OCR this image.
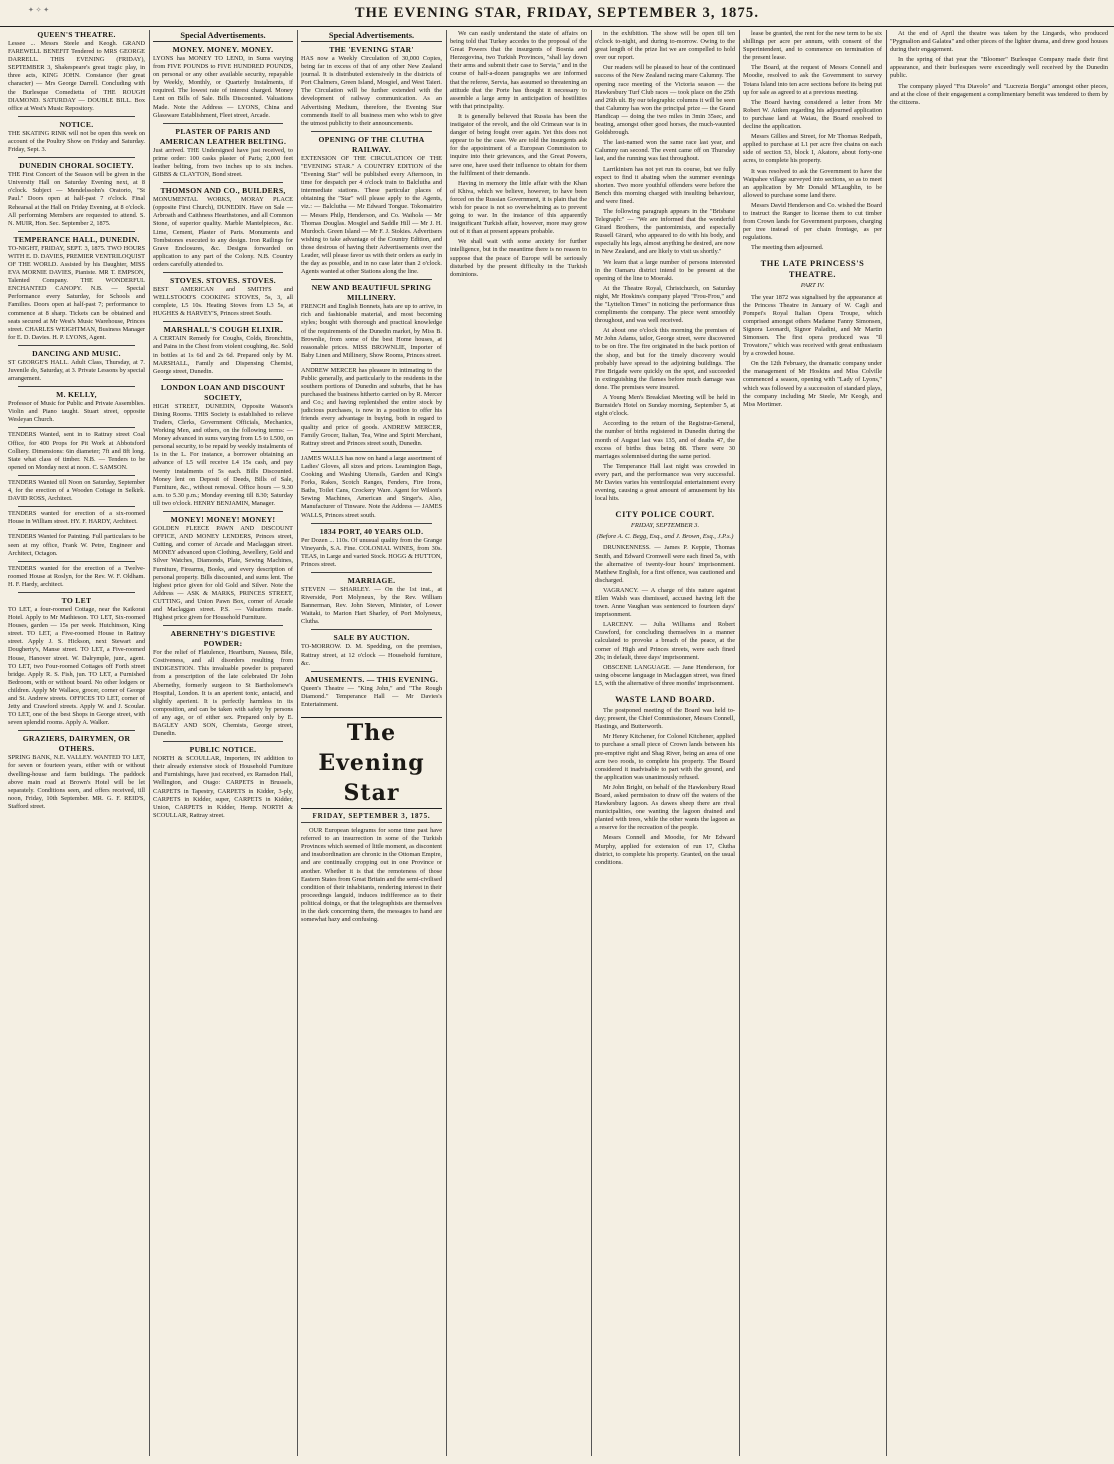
✦ ✧ ✦	THE EVENING STAR, FRIDAY, SEPTEMBER 3, 1875.
QUEEN'S THEATRE.

Lessee ... Messrs Steele and Keogh. GRAND FAREWELL BENEFIT Tendered to MRS GEORGE DARRELL. THIS EVENING (FRIDAY), SEPTEMBER 3, Shakespeare's great tragic play, in three acts, KING JOHN. Constance (her great character) — Mrs George Darrell. Concluding with the Burlesque Comedietta of THE ROUGH DIAMOND. SATURDAY — DOUBLE BILL. Box office at West's Music Repository.

NOTICE.

THE SKATING RINK will not be open this week on account of the Poultry Show on Friday and Saturday. Friday, Sept. 3.

DUNEDIN CHORAL SOCIETY.

THE First Concert of the Season will be given in the University Hall on Saturday Evening next, at 8 o'clock. Subject — Mendelssohn's Oratorio, "St Paul." Doors open at half-past 7 o'clock. Final Rehearsal at the Hall on Friday Evening, at 8 o'clock. All performing Members are requested to attend. S. N. MUIR, Hon. Sec. September 2, 1875.

TEMPERANCE HALL, DUNEDIN.

TO-NIGHT, FRIDAY, SEPT. 3, 1875. TWO HOURS WITH E. D. DAVIES, PREMIER VENTRILOQUIST OF THE WORLD. Assisted by his Daughter, MISS EVA MORNIE DAVIES, Pianiste. MR T. EMPSON, Talented Company. THE WONDERFUL ENCHANTED CANOPY. N.B. — Special Performance every Saturday, for Schools and Families. Doors open at half-past 7; performance to commence at 8 sharp. Tickets can be obtained and seats secured at Mr West's Music Warehouse, Princes street. CHARLES WEIGHTMAN, Business Manager for E. D. Davies. H. P. LYONS, Agent.

DANCING AND MUSIC.

ST GEORGE'S HALL. Adult Class, Thursday, at 7. Juvenile do, Saturday, at 3. Private Lessons by special arrangement.

M. KELLY,

Professor of Music for Public and Private Assemblies. Violin and Piano taught. Stuart street, opposite Wesleyan Church.

TENDERS Wanted, sent in to Rattray street Coal Office, for 400 Props for Pit Work at Abbotsford Colliery. Dimensions: 6in diameter; 7ft and 8ft long. State what class of timber. N.B. — Tenders to be opened on Monday next at noon. C. SAMSON.

TENDERS Wanted till Noon on Saturday, September 4, for the erection of a Wooden Cottage in Selkirk. DAVID ROSS, Architect.

TENDERS wanted for erection of a six-roomed House in William street. HY. F. HARDY, Architect.

TENDERS Wanted for Painting. Full particulars to be seen at my office, Frank W. Petre, Engineer and Architect, Octagon.

TENDERS wanted for the erection of a Twelve-roomed House at Roslyn, for the Rev. W. F. Oldham. H. F. Hardy, architect.

TO LET

TO LET, a four-roomed Cottage, near the Kaikorai Hotel. Apply to Mr Mathieson. TO LET, Six-roomed Houses, garden — 15s per week. Hutchinson, King street. TO LET, a Five-roomed House in Rattray street. Apply J. S. Hickson, next Stewart and Dougherty's, Manse street. TO LET, a Five-roomed House, Hanover street. W. Dalrymple, junr., agent. TO LET, two Four-roomed Cottages off Forth street bridge. Apply R. S. Fish, jun. TO LET, a Furnished Bedroom, with or without board. No other lodgers or children. Apply Mr Wallace, grocer, corner of George and St. Andrew streets. OFFICES TO LET, corner of Jetty and Crawford streets. Apply W. and J. Scoular. TO LET, one of the best Shops in George street, with seven splendid rooms. Apply A. Walker.

GRAZIERS, DAIRYMEN, OR OTHERS.

SPRING BANK, N.E. VALLEY. WANTED TO LET, for seven or fourteen years, either with or without dwelling-house and farm buildings. The paddock above main road at Brown's Hotel will be let separately. Conditions seen, and offers received, till noon, Friday, 10th September. MR. G. F. REID'S, Stafford street.

Special Advertisements.
MONEY. MONEY. MONEY.

LYONS has MONEY TO LEND, in Sums varying from FIVE POUNDS to FIVE HUNDRED POUNDS, on personal or any other available security, repayable by Weekly, Monthly, or Quarterly Instalments, if required. The lowest rate of interest charged. Money Lent on Bills of Sale. Bills Discounted. Valuations Made. Note the Address — LYONS, China and Glassware Establishment, Fleet street, Arcade.

PLASTER OF PARIS AND AMERICAN LEATHER BELTING.

Just arrived. THE Undersigned have just received, to prime order: 100 casks plaster of Paris; 2,000 feet leather belting, from two inches up to six inches. GIBBS & CLAYTON, Bond street.

THOMSON AND CO., BUILDERS,

MONUMENTAL WORKS, MORAY PLACE (opposite First Church), DUNEDIN. Have on Sale — Arbroath and Caithness Hearthstones, and all Common Stone, of superior quality. Marble Mantelpieces, &c. Lime, Cement, Plaster of Paris. Monuments and Tombstones executed to any design. Iron Railings for Grave Enclosures, &c. Designs forwarded on application to any part of the Colony. N.B. Country orders carefully attended to.

STOVES. STOVES. STOVES.

BEST AMERICAN and SMITH'S and WELLSTOOD'S COOKING STOVES, 5s, 3, all complete, L5 10s. Heating Stoves from L3 5s, at HUGHES & HARVEY'S, Princes street South.

MARSHALL'S COUGH ELIXIR.

A CERTAIN Remedy for Coughs, Colds, Bronchitis, and Pains in the Chest from violent coughing, &c. Sold in bottles at 1s 6d and 2s 6d. Prepared only by M. MARSHALL, Family and Dispensing Chemist, George street, Dunedin.

LONDON LOAN AND DISCOUNT SOCIETY,

HIGH STREET, DUNEDIN, Opposite Watson's Dining Rooms. THIS Society is established to relieve Traders, Clerks, Government Officials, Mechanics, Working Men, and others, on the following terms: — Money advanced in sums varying from L5 to L500, on personal security, to be repaid by weekly instalments of 1s in the L. For instance, a borrower obtaining an advance of L5 will receive L4 15s cash, and pay twenty instalments of 5s each. Bills Discounted. Money lent on Deposit of Deeds, Bills of Sale, Furniture, &c., without removal. Office hours — 9.30 a.m. to 5.30 p.m.; Monday evening till 8.30; Saturday till two o'clock. HENRY BENJAMIN, Manager.

MONEY! MONEY! MONEY!

GOLDEN FLEECE PAWN AND DISCOUNT OFFICE, AND MONEY LENDERS, Princes street, Cutting, and corner of Arcade and Maclaggan street. MONEY advanced upon Clothing, Jewellery, Gold and Silver Watches, Diamonds, Plate, Sewing Machines, Furniture, Firearms, Books, and every description of personal property. Bills discounted, and sums lent. The highest price given for old Gold and Silver. Note the Address — ASK & MARKS, PRINCES STREET, CUTTING, and Union Pawn Box, corner of Arcade and Maclaggan street. P.S. — Valuations made. Highest price given for Household Furniture.

ABERNETHY'S DIGESTIVE POWDER:

For the relief of Flatulence, Heartburn, Nausea, Bile, Costiveness, and all disorders resulting from INDIGESTION. This invaluable powder is prepared from a prescription of the late celebrated Dr John Abernethy, formerly surgeon to St Bartholomew's Hospital, London. It is an aperient tonic, antacid, and slightly aperient. It is perfectly harmless in its composition, and can be taken with safety by persons of any age, or of either sex. Prepared only by E. BAGLEY AND SON, Chemists, George street, Dunedin.

PUBLIC NOTICE.

NORTH & SCOULLAR, Importers, IN addition to their already extensive stock of Household Furniture and Furnishings, have just received, ex Ramsdon Hall, Wellington, and Otago: CARPETS in Brussels, CARPETS in Tapestry, CARPETS in Kidder, 3-ply, CARPETS in Kidder, super, CARPETS in Kidder, Union, CARPETS in Kidder, Hemp. NORTH & SCOULLAR, Rattray street.

Special Advertisements.
THE 'EVENING STAR'

HAS now a Weekly Circulation of 30,000 Copies, being far in excess of that of any other New Zealand journal. It is distributed extensively in the districts of Port Chalmers, Green Island, Mosgiel, and West Taieri. The Circulation will be further extended with the development of railway communication. As an Advertising Medium, therefore, the Evening Star commends itself to all business men who wish to give the utmost publicity to their announcements.

OPENING OF THE CLUTHA RAILWAY.

EXTENSION OF THE CIRCULATION OF THE "EVENING STAR." A COUNTRY EDITION of the "Evening Star" will be published every Afternoon, in time for despatch per 4 o'clock train to Balclutha and intermediate stations. These particular places of obtaining the "Star" will please apply to the Agents, viz.: — Balclutha — Mr Edward Tongue. Tokomairiro — Messrs Philp, Henderson, and Co. Waihola — Mr Thomas Douglas. Mosgiel and Saddle Hill — Mr J. H. Murdoch. Green Island — Mr F. J. Stokies. Advertisers wishing to take advantage of the Country Edition, and those desirous of having their Advertisements over the Leader, will please favor us with their orders as early in the day as possible, and in no case later than 2 o'clock. Agents wanted at other Stations along the line.

NEW AND BEAUTIFUL SPRING MILLINERY.

FRENCH and English Bonnets, hats are up to arrive, in rich and fashionable material, and most becoming styles; bought with thorough and practical knowledge of the requirements of the Dunedin market, by Miss B. Brownlie, from some of the best Home houses, at reasonable prices. MISS BROWNLIE, Importer of Baby Linen and Millinery, Show Rooms, Princes street.

ANDREW MERCER has pleasure in intimating to the Public generally, and particularly to the residents in the southern portions of Dunedin and suburbs, that he has purchased the business hitherto carried on by R. Mercer and Co.; and having replenished the entire stock by judicious purchases, is now in a position to offer his friends every advantage in buying, both in regard to quality and price of goods. ANDREW MERCER, Family Grocer, Italian, Tea, Wine and Spirit Merchant, Rattray street and Princes street south, Dunedin.

JAMES WALLS has now on hand a large assortment of Ladies' Gloves, all sizes and prices. Leamington Bags, Cooking and Washing Utensils, Garden and King's Forks, Rakes, Scotch Ranges, Fenders, Fire Irons, Baths, Toilet Cans, Crockery Ware. Agent for Wilson's Sewing Machines, American and Singer's. Also, Manufacturer of Tinware. Note the Address — JAMES WALLS, Princes street south.

1834 PORT, 40 YEARS OLD.

Per Dozen ... 110s. Of unusual quality from the Grange Vineyards, S.A. Fine. COLONIAL WINES, from 30s. TEAS, in Large and varied Stock. HOGG & HUTTON, Princes street.

MARRIAGE.

STEVEN — SHARLEY. — On the 1st inst., at Riverside, Port Molyneux, by the Rev. William Bannerman, Rev. John Steven, Minister, of Lower Waitaki, to Marion Hart Sharley, of Port Molyneux, Clutha.

SALE BY AUCTION.

TO-MORROW. D. M. Spedding, on the premises, Rattray street, at 12 o'clock — Household furniture, &c.

AMUSEMENTS. — THIS EVENING.

Queen's Theatre — "King John," and "The Rough Diamond." Temperance Hall — Mr Davies's Entertainment.

The Evening Star
FRIDAY, SEPTEMBER 3, 1875.

OUR European telegrams for some time past have referred to an insurrection in some of the Turkish Provinces which seemed of little moment, as discontent and insubordination are chronic in the Ottoman Empire, and are continually cropping out in one Province or another. Whether it is that the remoteness of those Eastern States from Great Britain and the semi-civilised condition of their inhabitants, rendering interest in their proceedings languid, induces indifference as to their political doings, or that the telegraphists are themselves in the dark concerning them, the messages to hand are somewhat hazy and confusing.

We can easily understand the state of affairs on being told that Turkey accedes to the proposal of the Great Powers that the insurgents of Bosnia and Herzegovina, two Turkish Provinces, "shall lay down their arms and submit their case to Servia," and in the course of half-a-dozen paragraphs we are informed that the referee, Servia, has assumed so threatening an attitude that the Porte has thought it necessary to assemble a large army in anticipation of hostilities with that principality.

It is generally believed that Russia has been the instigator of the revolt, and the old Crimean war is in danger of being fought over again. Yet this does not appear to be the case. We are told the insurgents ask for the appointment of a European Commission to inquire into their grievances, and the Great Powers, save one, have used their influence to obtain for them the fulfilment of their demands.

Having in memory the little affair with the Khan of Khiva, which we believe, however, to have been forced on the Russian Government, it is plain that the wish for peace is not so overwhelming as to prevent going to war. In the instance of this apparently insignificant Turkish affair, however, more may grow out of it than at present appears probable.

We shall wait with some anxiety for further intelligence, but in the meantime there is no reason to suppose that the peace of Europe will be seriously disturbed by the present difficulty in the Turkish dominions.

in the exhibition. The show will be open till ten o'clock to-night, and during to-morrow. Owing to the great length of the prize list we are compelled to hold over our report.

Our readers will be pleased to hear of the continued success of the New Zealand racing mare Calumny. The opening race meeting of the Victoria season — the Hawkesbury Turf Club races — took place on the 25th and 26th ult. By our telegraphic columns it will be seen that Calumny has won the principal prize — the Grand Handicap — doing the two miles in 3min 35sec, and beating, amongst other good horses, the much-vaunted Goldsbrough.

The last-named won the same race last year, and Calumny ran second. The event came off on Thursday last, and the running was fast throughout.

Larrikinism has not yet run its course, but we fully expect to find it abating when the summer evenings shorten. Two more youthful offenders were before the Bench this morning charged with insulting behaviour, and were fined.

The following paragraph appears in the "Brisbane Telegraph:" — "We are informed that the wonderful Girard Brothers, the pantomimists, and especially Russell Girard, who appeared to do with his body, and especially his legs, almost anything he desired, are now in New Zealand, and are likely to visit us shortly."

We learn that a large number of persons interested in the Oamaru district intend to be present at the opening of the line to Moeraki.

At the Theatre Royal, Christchurch, on Saturday night, Mr Hoskins's company played "Frou-Frou," and the "Lyttelton Times" in noticing the performance thus compliments the company. The piece went smoothly throughout, and was well received.

At about one o'clock this morning the premises of Mr John Adams, tailor, George street, were discovered to be on fire. The fire originated in the back portion of the shop, and but for the timely discovery would probably have spread to the adjoining buildings. The Fire Brigade were quickly on the spot, and succeeded in extinguishing the flames before much damage was done. The premises were insured.

A Young Men's Breakfast Meeting will be held in Burnside's Hotel on Sunday morning, September 5, at eight o'clock.

According to the return of the Registrar-General, the number of births registered in Dunedin during the month of August last was 135, and of deaths 47, the excess of births thus being 88. There were 30 marriages solemnised during the same period.

The Temperance Hall last night was crowded in every part, and the performance was very successful. Mr Davies varies his ventriloquial entertainment every evening, causing a great amount of amusement by his local hits.

CITY POLICE COURT.
FRIDAY, SEPTEMBER 3.
(Before A. C. Begg, Esq., and J. Brown, Esq., J.P.s.)

DRUNKENNESS. — James P. Keppie, Thomas Smith, and Edward Cromwell were each fined 5s, with the alternative of twenty-four hours' imprisonment. Matthew English, for a first offence, was cautioned and discharged.

VAGRANCY. — A charge of this nature against Ellen Walsh was dismissed, accused having left the town. Anne Vaughan was sentenced to fourteen days' imprisonment.

LARCENY. — Julia Williams and Robert Crawford, for concluding themselves in a manner calculated to provoke a breach of the peace, at the corner of High and Princes streets, were each fined 20s; in default, three days' imprisonment.

OBSCENE LANGUAGE. — Jane Henderson, for using obscene language in Maclaggan street, was fined L5, with the alternative of three months' imprisonment.

WASTE LAND BOARD.

The postponed meeting of the Board was held to-day; present, the Chief Commissioner, Messrs Connell, Hastings, and Butterworth.

Mr Henry Kitchener, for Colonel Kitchener, applied to purchase a small piece of Crown lands between his pre-emptive right and Shag River, being an area of one acre two roods, to complete his property. The Board considered it inadvisable to part with the ground, and the application was unanimously refused.

Mr John Bright, on behalf of the Hawkesbury Road Board, asked permission to draw off the waters of the Hawkesbury lagoon. As dawes sheep there are rival municipalities, one wanting the lagoon drained and planted with trees, while the other wants the lagoon as a reserve for the recreation of the people.

Messrs Connell and Moodie, for Mr Edward Murphy, applied for extension of run 17, Clutha district, to complete his property. Granted, on the usual conditions.

lease be granted, the rent for the new term to be six shillings per acre per annum, with consent of the Superintendent, and to commence on termination of the present lease.

The Board, at the request of Messrs Connell and Moodie, resolved to ask the Government to survey Totara Island into ten acre sections before its being put up for sale as agreed to at a previous meeting.

The Board having considered a letter from Mr Robert W. Aitken regarding his adjourned application to purchase land at Waiau, the Board resolved to decline the application.

Messrs Gillies and Street, for Mr Thomas Redpath, applied to purchase at L1 per acre five chains on each side of section 53, block I, Akatore, about forty-one acres, to complete his property.

It was resolved to ask the Government to have the Waipahee village surveyed into sections, so as to meet an application by Mr Donald M'Laughlin, to be allowed to purchase some land there.

Messrs David Henderson and Co. wished the Board to instruct the Ranger to license them to cut timber from Crown lands for Government purposes, charging per tree instead of per chain frontage, as per regulations.

The meeting then adjourned.

THE LATE PRINCESS'S THEATRE.
PART IV.

The year 1872 was signalised by the appearance at the Princess Theatre in January of W. Cagli and Pompei's Royal Italian Opera Troupe, which comprised amongst others Madame Fanny Simonsen, Signora Leonardi, Signor Paladini, and Mr Martin Simonsen. The first opera produced was "Il Trovatore," which was received with great enthusiasm by a crowded house.

On the 12th February, the dramatic company under the management of Mr Hoskins and Miss Colville commenced a season, opening with "Lady of Lyons," which was followed by a succession of standard plays, the company including Mr Steele, Mr Keogh, and Miss Mortimer.

At the end of April the theatre was taken by the Lingards, who produced "Pygmalion and Galatea" and other pieces of the lighter drama, and drew good houses during their engagement.

In the spring of that year the "Bloomer" Burlesque Company made their first appearance, and their burlesques were exceedingly well received by the Dunedin public.

The company played "Fra Diavolo" and "Lucrezia Borgia" amongst other pieces, and at the close of their engagement a complimentary benefit was tendered to them by the citizens.
